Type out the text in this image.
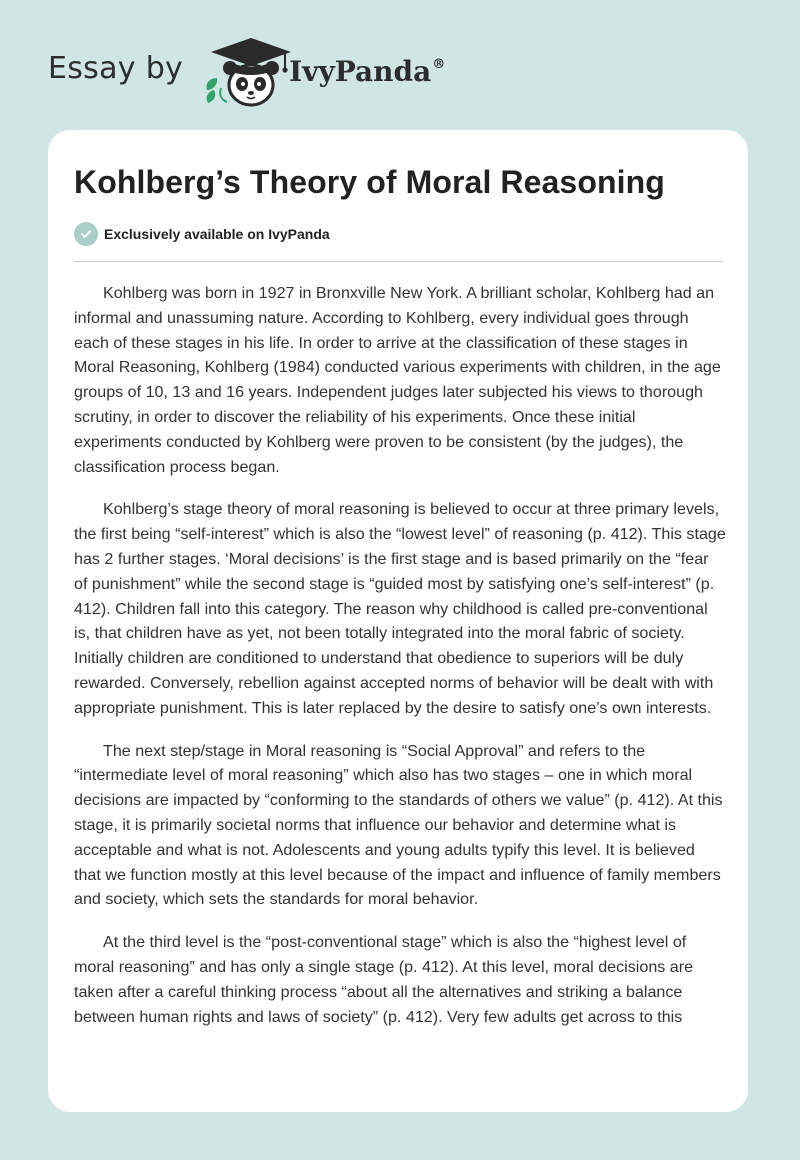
Essay by	IvyPanda®
Kohlberg’s Theory of Moral Reasoning
Exclusively available on IvyPanda

Kohlberg was born in 1927 in Bronxville New York. A brilliant scholar, Kohlberg had an informal and unassuming nature. According to Kohlberg, every individual goes through each of these stages in his life. In order to arrive at the classification of these stages in Moral Reasoning, Kohlberg (1984) conducted various experiments with children, in the age groups of 10, 13 and 16 years. Independent judges later subjected his views to thorough scrutiny, in order to discover the reliability of his experiments. Once these initial experiments conducted by Kohlberg were proven to be consistent (by the judges), the classification process began.

Kohlberg’s stage theory of moral reasoning is believed to occur at three primary levels, the first being “self-interest” which is also the “lowest level” of reasoning (p. 412). This stage has 2 further stages. ‘Moral decisions’ is the first stage and is based primarily on the “fear of punishment” while the second stage is “guided most by satisfying one’s self-interest” (p. 412). Children fall into this category. The reason why childhood is called pre-conventional is, that children have as yet, not been totally integrated into the moral fabric of society. Initially children are conditioned to understand that obedience to superiors will be duly rewarded. Conversely, rebellion against accepted norms of behavior will be dealt with with appropriate punishment. This is later replaced by the desire to satisfy one’s own interests.

The next step/stage in Moral reasoning is “Social Approval” and refers to the “intermediate level of moral reasoning” which also has two stages – one in which moral decisions are impacted by “conforming to the standards of others we value” (p. 412). At this stage, it is primarily societal norms that influence our behavior and determine what is acceptable and what is not. Adolescents and young adults typify this level. It is believed that we function mostly at this level because of the impact and influence of family members and society, which sets the standards for moral behavior.

At the third level is the “post-conventional stage” which is also the “highest level of moral reasoning” and has only a single stage (p. 412). At this level, moral decisions are taken after a careful thinking process “about all the alternatives and striking a balance between human rights and laws of society” (p. 412). Very few adults get across to this
